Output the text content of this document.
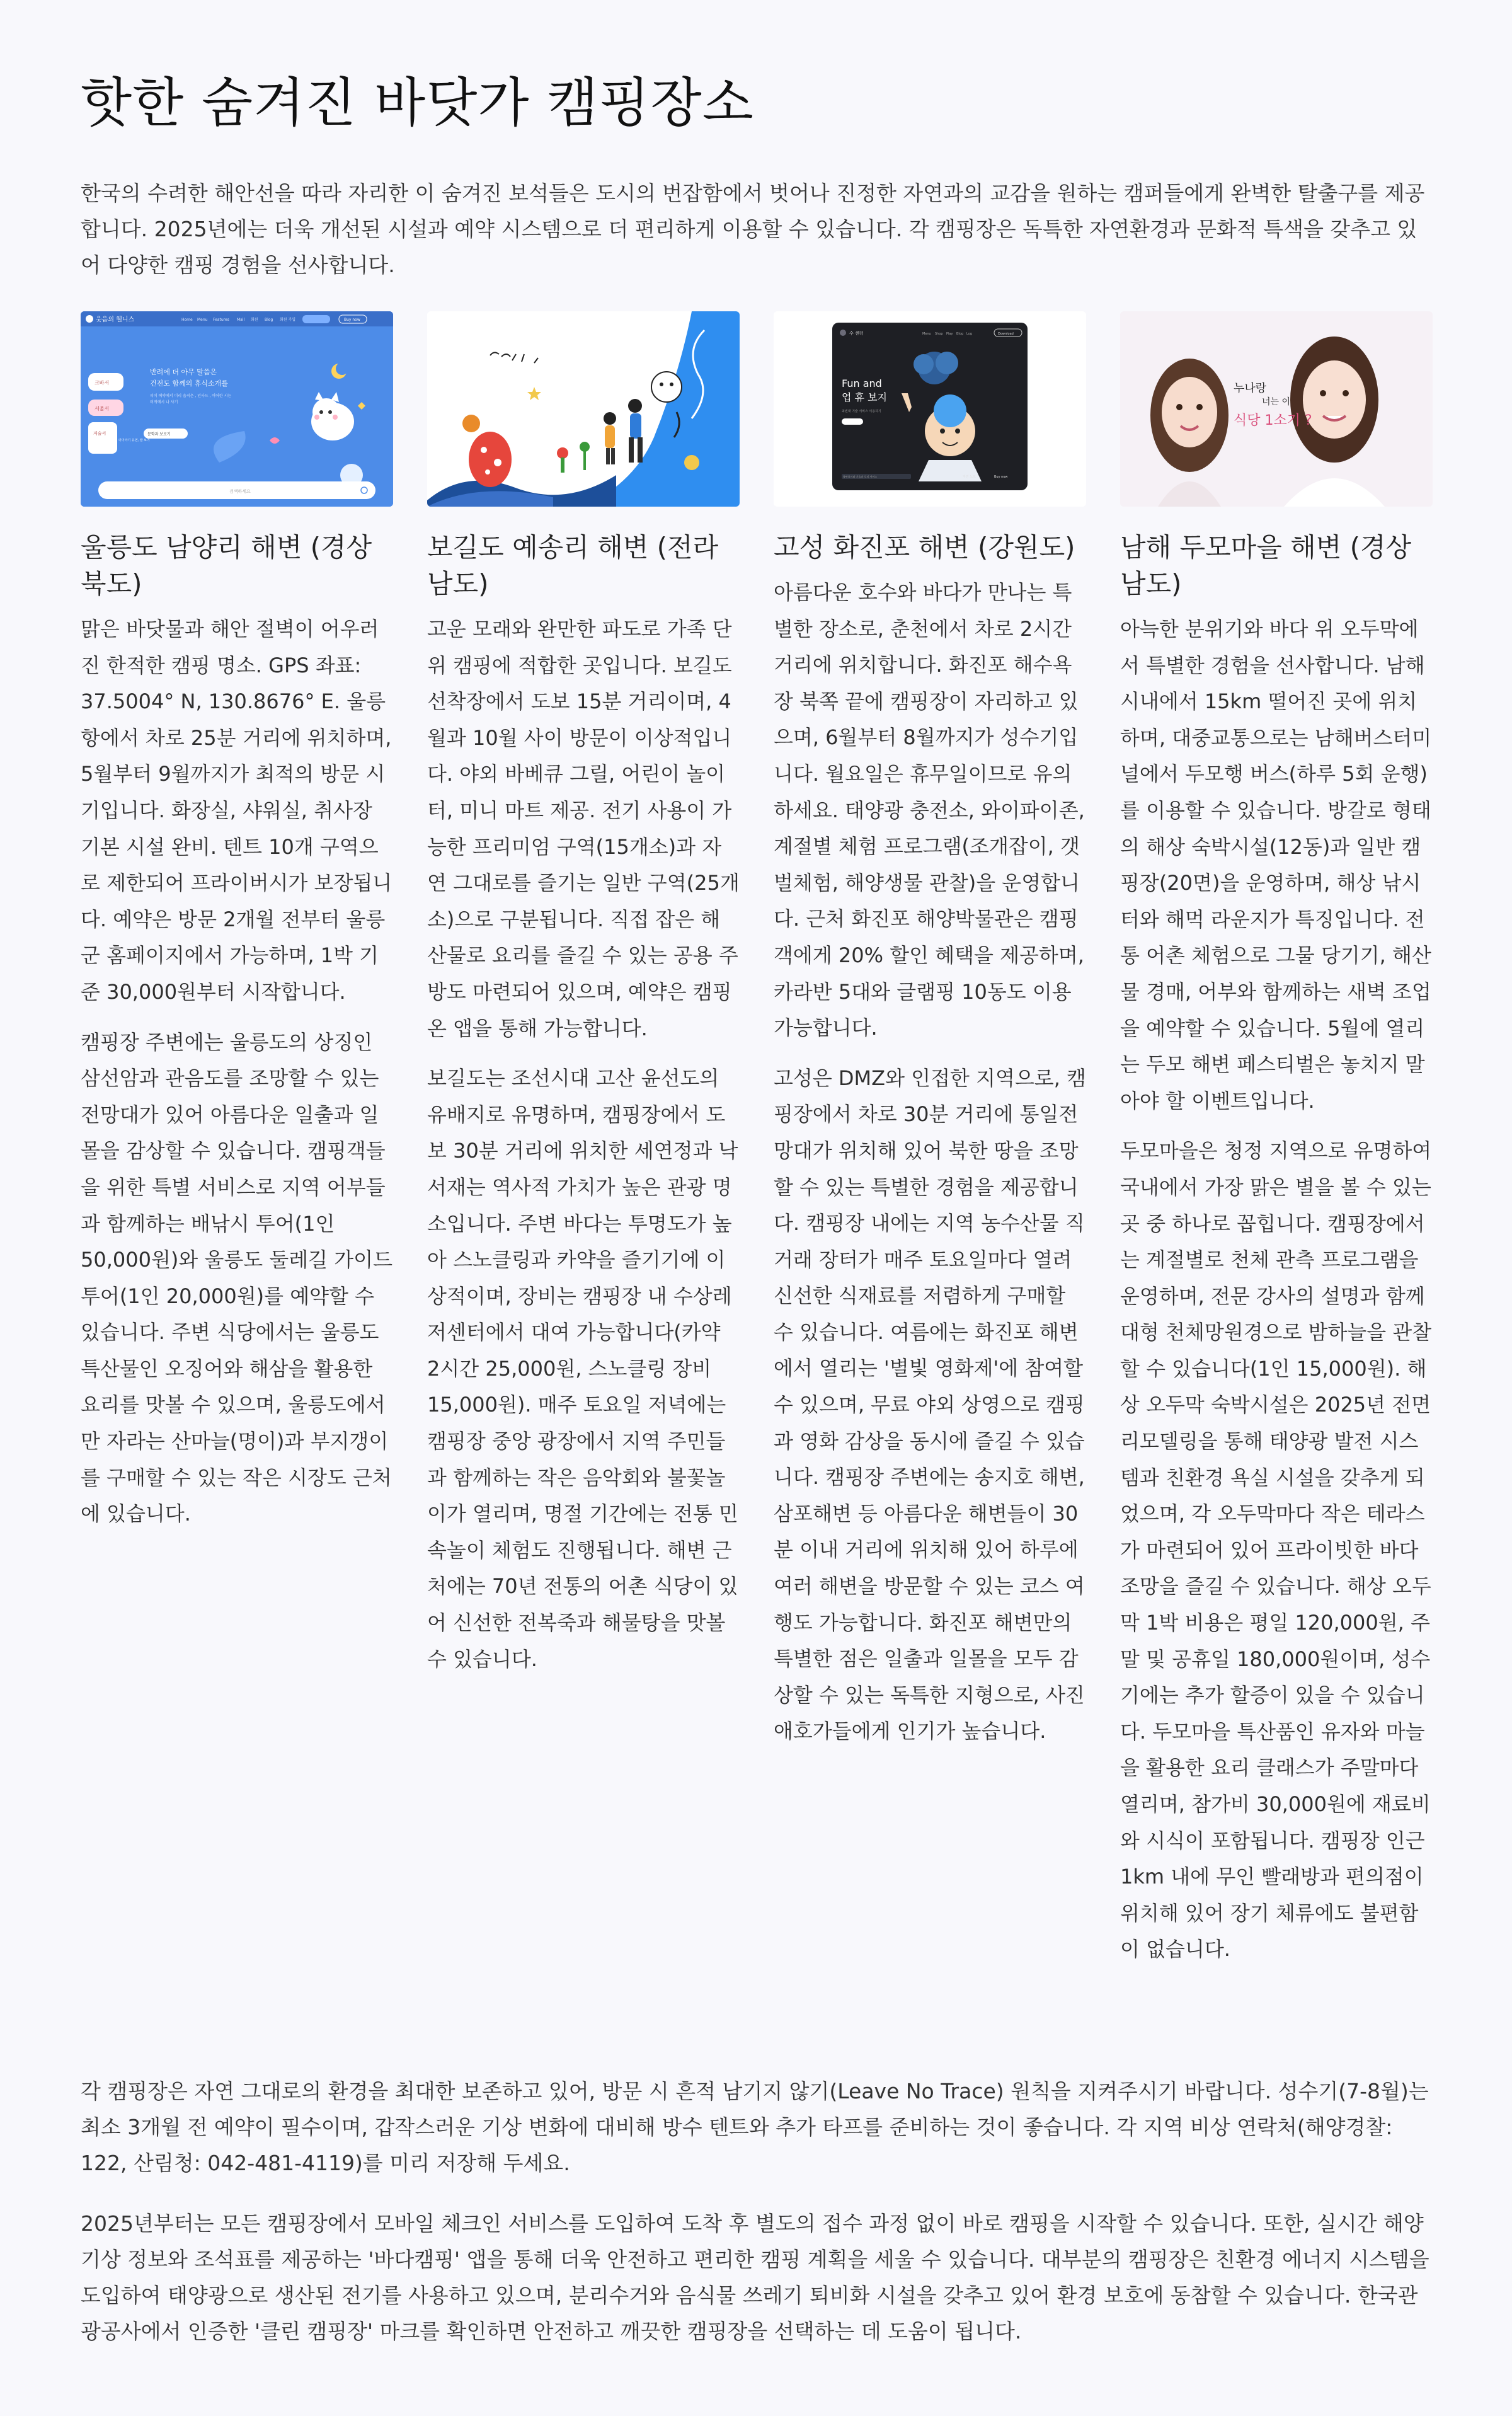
핫한 숨겨진 바닷가 캠핑장소

한국의 수려한 해안선을 따라 자리한 이 숨겨진 보석들은 도시의 번잡함에서 벗어나 진정한 자연과의 교감을 원하는 캠퍼들에게 완벽한 탈출구를 제공합니다. 2025년에는 더욱 개선된 시설과 예약 시스템으로 더 편리하게 이용할 수 있습니다. 각 캠핑장은 독특한 자연환경과 문화적 특색을 갖추고 있어 다양한 캠핑 경험을 선사합니다.

웃음의 웰니스	Home Menu Features Mall 회원 Blog 회원 가입	Buy now
반려에 더 아무 말씀은
건전도 함께의 휴식소개를
피이 예약에서 미리 움직은 , 인사드 , 여어한 시는
머게에시 나 사기
크바서
서울서
저술서
더이야기 유연, 말 보기
문학과 보로기
검색하세요
울릉도 남양리 해변 (경상북도)

맑은 바닷물과 해안 절벽이 어우러진 한적한 캠핑 명소. GPS 좌표: 37.5004° N, 130.8676° E. 울릉항에서 차로 25분 거리에 위치하며, 5월부터 9월까지가 최적의 방문 시기입니다. 화장실, 샤워실, 취사장 기본 시설 완비. 텐트 10개 구역으로 제한되어 프라이버시가 보장됩니다. 예약은 방문 2개월 전부터 울릉군 홈페이지에서 가능하며, 1박 기준 30,000원부터 시작합니다.

캠핑장 주변에는 울릉도의 상징인 삼선암과 관음도를 조망할 수 있는 전망대가 있어 아름다운 일출과 일몰을 감상할 수 있습니다. 캠핑객들을 위한 특별 서비스로 지역 어부들과 함께하는 배낚시 투어(1인 50,000원)와 울릉도 둘레길 가이드 투어(1인 20,000원)를 예약할 수 있습니다. 주변 식당에서는 울릉도 특산물인 오징어와 해삼을 활용한 요리를 맛볼 수 있으며, 울릉도에서만 자라는 산마늘(명이)과 부지갱이를 구매할 수 있는 작은 시장도 근처에 있습니다.

보길도 예송리 해변 (전라남도)

고운 모래와 완만한 파도로 가족 단위 캠핑에 적합한 곳입니다. 보길도 선착장에서 도보 15분 거리이며, 4월과 10월 사이 방문이 이상적입니다. 야외 바베큐 그릴, 어린이 놀이터, 미니 마트 제공. 전기 사용이 가능한 프리미엄 구역(15개소)과 자연 그대로를 즐기는 일반 구역(25개소)으로 구분됩니다. 직접 잡은 해산물로 요리를 즐길 수 있는 공용 주방도 마련되어 있으며, 예약은 캠핑온 앱을 통해 가능합니다.

보길도는 조선시대 고산 윤선도의 유배지로 유명하며, 캠핑장에서 도보 30분 거리에 위치한 세연정과 낙서재는 역사적 가치가 높은 관광 명소입니다. 주변 바다는 투명도가 높아 스노클링과 카약을 즐기기에 이상적이며, 장비는 캠핑장 내 수상레저센터에서 대여 가능합니다(카약 2시간 25,000원, 스노클링 장비 15,000원). 매주 토요일 저녁에는 캠핑장 중앙 광장에서 지역 주민들과 함께하는 작은 음악회와 불꽃놀이가 열리며, 명절 기간에는 전통 민속놀이 체험도 진행됩니다. 해변 근처에는 70년 전통의 어촌 식당이 있어 신선한 전복죽과 해물탕을 맛볼 수 있습니다.

수 센터	Menu Shop Play Blog Log	Download
Fun and
업 휴 보지
최빈대 기술 서비스 이용하기
출판표시와 기술과 로직 서비스	Buy now
자연 노트
고성 화진포 해변 (강원도)

아름다운 호수와 바다가 만나는 특별한 장소로, 춘천에서 차로 2시간 거리에 위치합니다. 화진포 해수욕장 북쪽 끝에 캠핑장이 자리하고 있으며, 6월부터 8월까지가 성수기입니다. 월요일은 휴무일이므로 유의하세요. 태양광 충전소, 와이파이존, 계절별 체험 프로그램(조개잡이, 갯벌체험, 해양생물 관찰)을 운영합니다. 근처 화진포 해양박물관은 캠핑객에게 20% 할인 혜택을 제공하며, 카라반 5대와 글램핑 10동도 이용 가능합니다.

고성은 DMZ와 인접한 지역으로, 캠핑장에서 차로 30분 거리에 통일전망대가 위치해 있어 북한 땅을 조망할 수 있는 특별한 경험을 제공합니다. 캠핑장 내에는 지역 농수산물 직거래 장터가 매주 토요일마다 열려 신선한 식재료를 저렴하게 구매할 수 있습니다. 여름에는 화진포 해변에서 열리는 '별빛 영화제'에 참여할 수 있으며, 무료 야외 상영으로 캠핑과 영화 감상을 동시에 즐길 수 있습니다. 캠핑장 주변에는 송지호 해변, 삼포해변 등 아름다운 해변들이 30분 이내 거리에 위치해 있어 하루에 여러 해변을 방문할 수 있는 코스 여행도 가능합니다. 화진포 해변만의 특별한 점은 일출과 일몰을 모두 감상할 수 있는 독특한 지형으로, 사진 애호가들에게 인기가 높습니다.

누나랑
너는 이
식당 1소기 ?
남해 두모마을 해변 (경상남도)

아늑한 분위기와 바다 위 오두막에서 특별한 경험을 선사합니다. 남해 시내에서 15km 떨어진 곳에 위치하며, 대중교통으로는 남해버스터미널에서 두모행 버스(하루 5회 운행)를 이용할 수 있습니다. 방갈로 형태의 해상 숙박시설(12동)과 일반 캠핑장(20면)을 운영하며, 해상 낚시터와 해먹 라운지가 특징입니다. 전통 어촌 체험으로 그물 당기기, 해산물 경매, 어부와 함께하는 새벽 조업을 예약할 수 있습니다. 5월에 열리는 두모 해변 페스티벌은 놓치지 말아야 할 이벤트입니다.

두모마을은 청정 지역으로 유명하여 국내에서 가장 맑은 별을 볼 수 있는 곳 중 하나로 꼽힙니다. 캠핑장에서는 계절별로 천체 관측 프로그램을 운영하며, 전문 강사의 설명과 함께 대형 천체망원경으로 밤하늘을 관찰할 수 있습니다(1인 15,000원). 해상 오두막 숙박시설은 2025년 전면 리모델링을 통해 태양광 발전 시스템과 친환경 욕실 시설을 갖추게 되었으며, 각 오두막마다 작은 테라스가 마련되어 있어 프라이빗한 바다 조망을 즐길 수 있습니다. 해상 오두막 1박 비용은 평일 120,000원, 주말 및 공휴일 180,000원이며, 성수기에는 추가 할증이 있을 수 있습니다. 두모마을 특산품인 유자와 마늘을 활용한 요리 클래스가 주말마다 열리며, 참가비 30,000원에 재료비와 시식이 포함됩니다. 캠핑장 인근 1km 내에 무인 빨래방과 편의점이 위치해 있어 장기 체류에도 불편함이 없습니다.

각 캠핑장은 자연 그대로의 환경을 최대한 보존하고 있어, 방문 시 흔적 남기지 않기(Leave No Trace) 원칙을 지켜주시기 바랍니다. 성수기(7-8월)는 최소 3개월 전 예약이 필수이며, 갑작스러운 기상 변화에 대비해 방수 텐트와 추가 타프를 준비하는 것이 좋습니다. 각 지역 비상 연락처(해양경찰: 122, 산림청: 042-481-4119)를 미리 저장해 두세요.

2025년부터는 모든 캠핑장에서 모바일 체크인 서비스를 도입하여 도착 후 별도의 접수 과정 없이 바로 캠핑을 시작할 수 있습니다. 또한, 실시간 해양 기상 정보와 조석표를 제공하는 '바다캠핑' 앱을 통해 더욱 안전하고 편리한 캠핑 계획을 세울 수 있습니다. 대부분의 캠핑장은 친환경 에너지 시스템을 도입하여 태양광으로 생산된 전기를 사용하고 있으며, 분리수거와 음식물 쓰레기 퇴비화 시설을 갖추고 있어 환경 보호에 동참할 수 있습니다. 한국관광공사에서 인증한 '클린 캠핑장' 마크를 확인하면 안전하고 깨끗한 캠핑장을 선택하는 데 도움이 됩니다.
